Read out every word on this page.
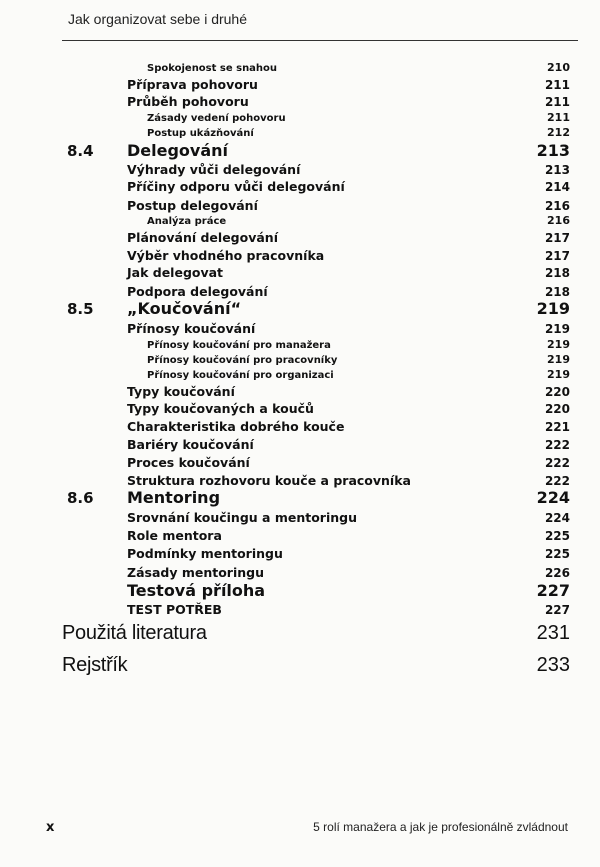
Jak organizovat sebe i druhé
Spokojenost se snahou	210
Příprava pohovoru	211
Průběh pohovoru	211
Zásady vedení pohovoru	211
Postup ukázňování	212
8.4 Delegování	213
Výhrady vůči delegování	213
Příčiny odporu vůči delegování	214
Postup delegování	216
Analýza práce	216
Plánování delegování	217
Výběr vhodného pracovníka	217
Jak delegovat	218
Podpora delegování	218
8.5 „Koučování“	219
Přínosy koučování	219
Přínosy koučování pro manažera	219
Přínosy koučování pro pracovníky	219
Přínosy koučování pro organizaci	219
Typy koučování	220
Typy koučovaných a koučů	220
Charakteristika dobrého kouče	221
Bariéry koučování	222
Proces koučování	222
Struktura rozhovoru kouče a pracovníka	222
8.6 Mentoring	224
Srovnání koučingu a mentoringu	224
Role mentora	225
Podmínky mentoringu	225
Zásady mentoringu	226
Testová příloha	227
TEST POTŘEB	227
Použitá literatura	231
Rejstřík	233
x	5 rolí manažera a jak je profesionálně zvládnout
